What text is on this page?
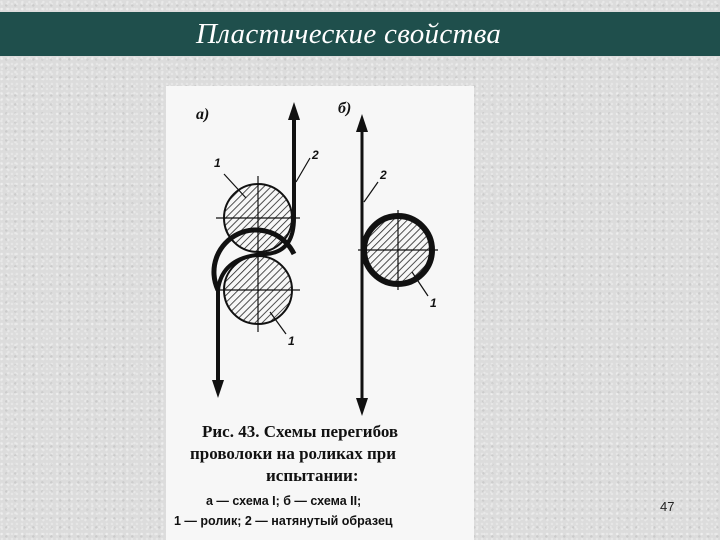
Пластические свойства
а)	б)
1
2
1
2
1
Рис. 43. Схемы перегибов
проволоки на роликах при
испытании:
а — схема I; б — схема II;
1 — ролик; 2 — натянутый образец
47
